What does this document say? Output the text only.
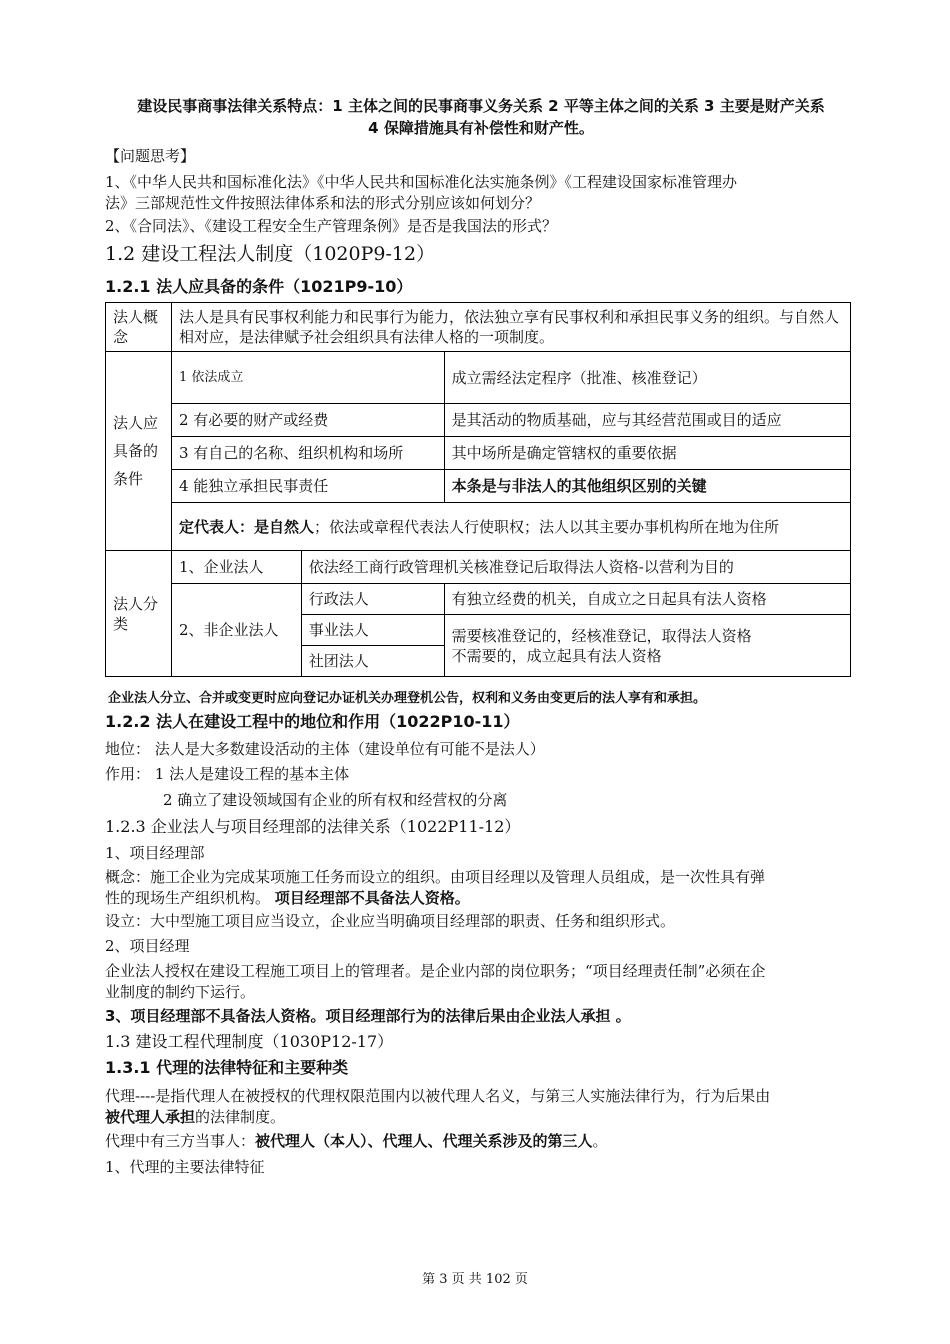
建设民事商事法律关系特点：1 主体之间的民事商事义务关系 2 平等主体之间的关系 3 主要是财产关系
4 保障措施具有补偿性和财产性。
【问题思考】
1、《中华人民共和国标准化法》《中华人民共和国标准化法实施条例》《工程建设国家标准管理办
法》三部规范性文件按照法律体系和法的形式分别应该如何划分？
2、《合同法》、《建设工程安全生产管理条例》是否是我国法的形式？
1.2 建设工程法人制度（1020P9-12）
1.2.1 法人应具备的条件（1021P9-10）
法人概念	法人是具有民事权利能力和民事行为能力，依法独立享有民事权利和承担民事义务的组织。与自然人相对应，是法律赋予社会组织具有法律人格的一项制度。		
法人应具备的条件	1 依法成立		成立需经法定程序（批准、核准登记）
	2 有必要的财产或经费		是其活动的物质基础，应与其经营范围或目的适应
	3 有自己的名称、组织机构和场所		其中场所是确定管辖权的重要依据
	4 能独立承担民事责任		本条是与非法人的其他组织区别的关键
	定代表人：是自然人；依法或章程代表法人行使职权；法人以其主要办事机构所在地为住所		
法人分类	1、企业法人	依法经工商行政管理机关核准登记后取得法人资格-以营利为目的	
	2、非企业法人	行政法人	有独立经费的机关，自成立之日起具有法人资格
		事业法人	需要核准登记的，经核准登记，取得法人资格
不需要的，成立起具有法人资格

		社团法人	
企业法人分立、合并或变更时应向登记办证机关办理登机公告，权利和义务由变更后的法人享有和承担。
1.2.2 法人在建设工程中的地位和作用（1022P10-11）
地位： 法人是大多数建设活动的主体（建设单位有可能不是法人）
作用： 1 法人是建设工程的基本主体
2 确立了建设领域国有企业的所有权和经营权的分离
1.2.3 企业法人与项目经理部的法律关系（1022P11-12）
1、项目经理部
概念：施工企业为完成某项施工任务而设立的组织。由项目经理以及管理人员组成，是一次性具有弹
性的现场生产组织机构。 项目经理部不具备法人资格。
设立：大中型施工项目应当设立，企业应当明确项目经理部的职责、任务和组织形式。
2、项目经理
企业法人授权在建设工程施工项目上的管理者。是企业内部的岗位职务；“项目经理责任制”必须在企
业制度的制约下运行。
3、项目经理部不具备法人资格。项目经理部行为的法律后果由企业法人承担 。
1.3 建设工程代理制度（1030P12-17）
1.3.1 代理的法律特征和主要种类
代理----是指代理人在被授权的代理权限范围内以被代理人名义，与第三人实施法律行为，行为后果由
被代理人承担的法律制度。
代理中有三方当事人：被代理人（本人）、代理人、代理关系涉及的第三人。
1、代理的主要法律特征
第 3 页 共 102 页
